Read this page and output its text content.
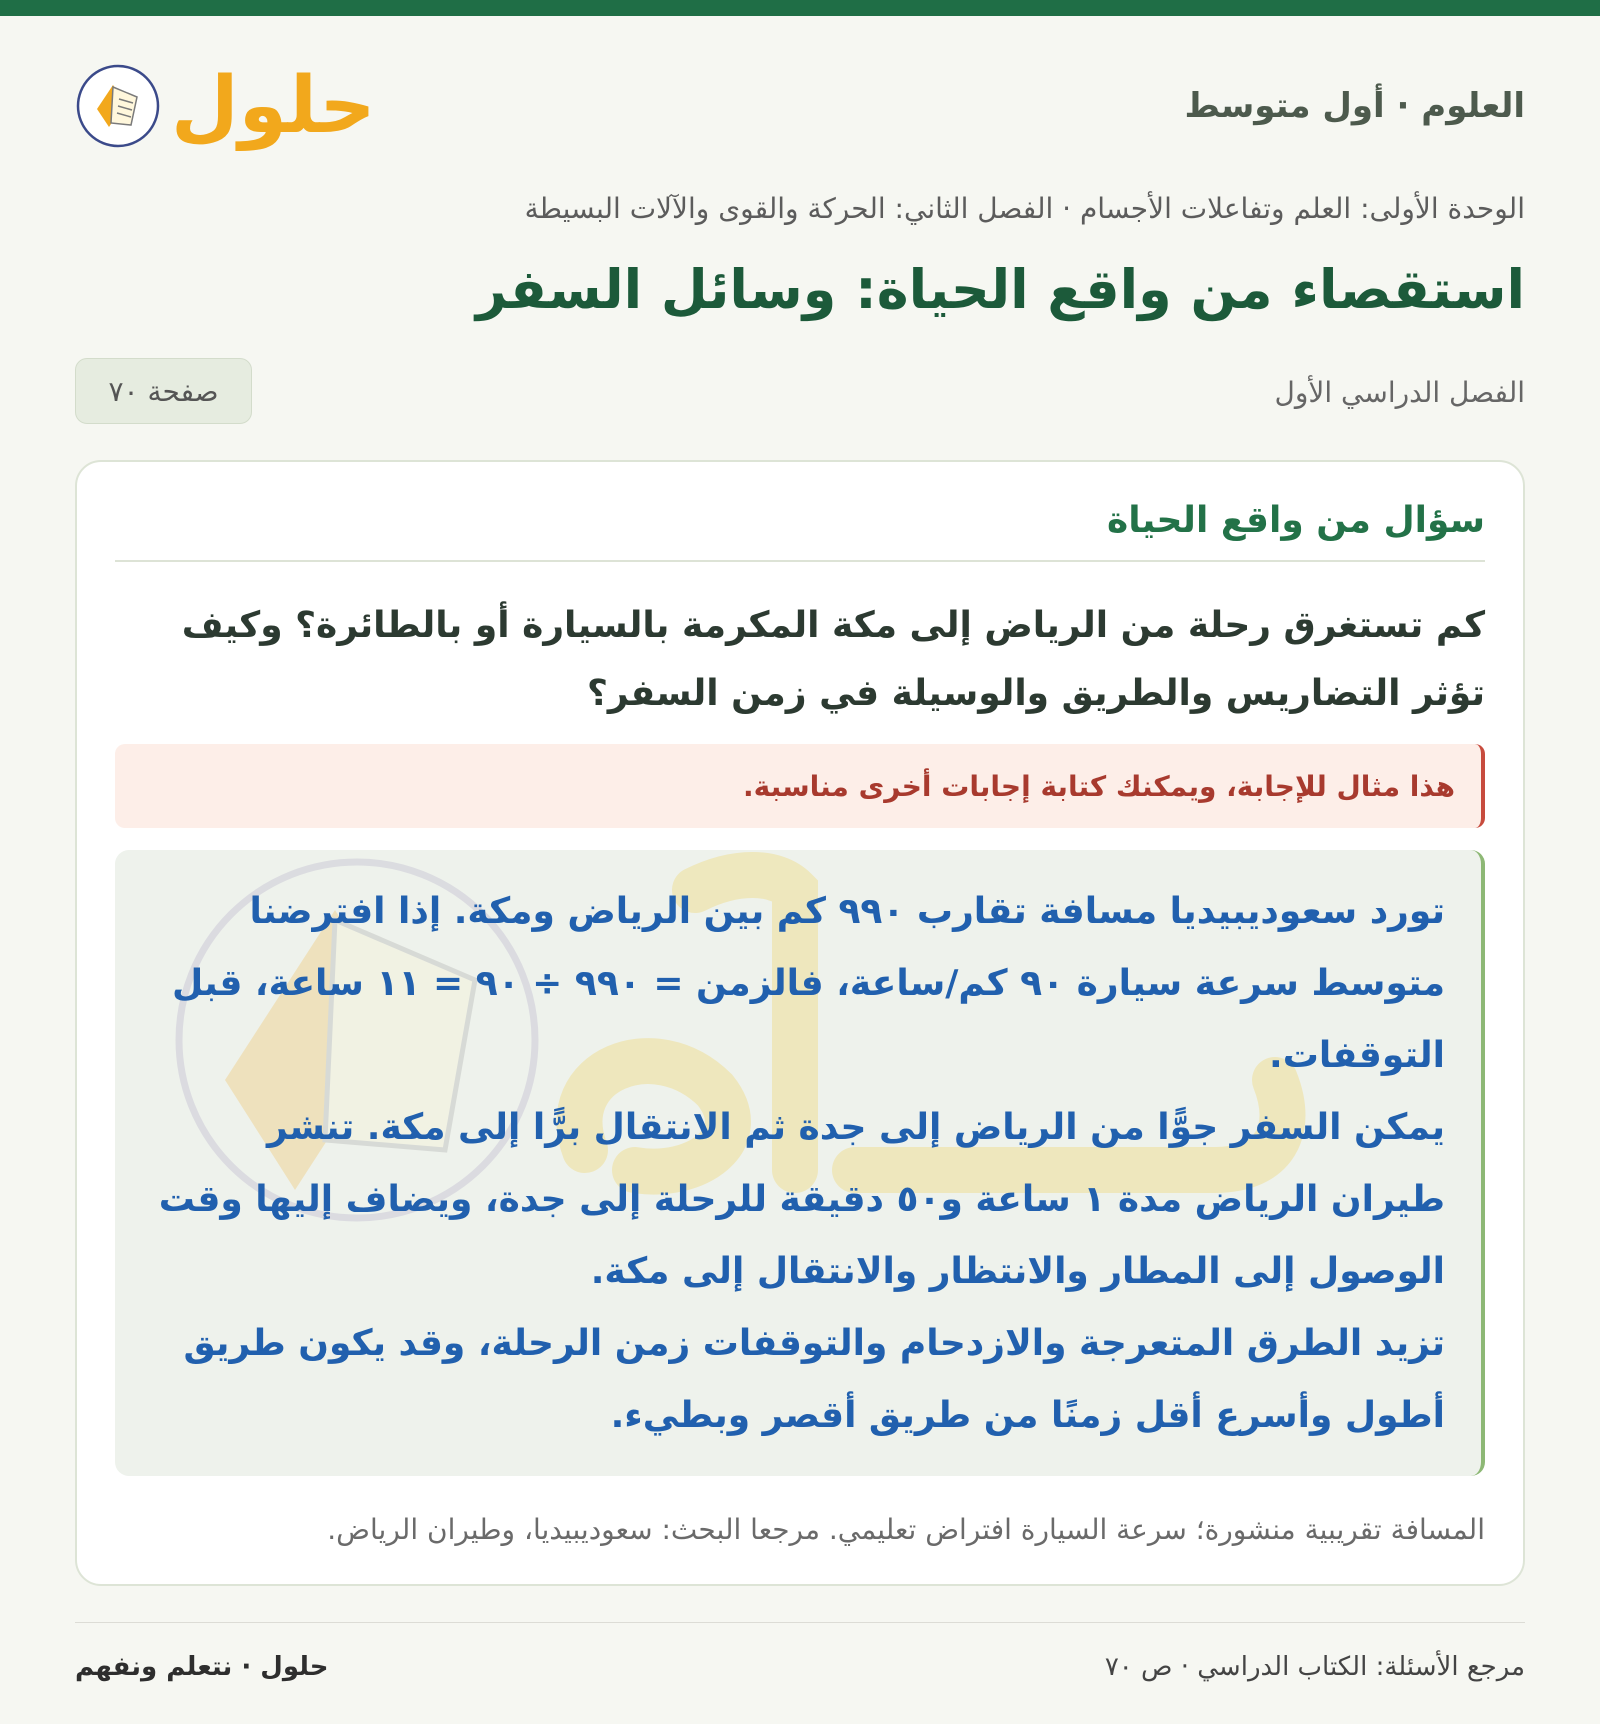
العلوم · أول متوسط
حلول
الوحدة الأولى: العلم وتفاعلات الأجسام · الفصل الثاني: الحركة والقوى والآلات البسيطة
استقصاء من واقع الحياة: وسائل السفر
الفصل الدراسي الأول
صفحة ٧٠
سؤال من واقع الحياة

كم تستغرق رحلة من الرياض إلى مكة المكرمة بالسيارة أو بالطائرة؟ وكيف تؤثر التضاريس والطريق والوسيلة في زمن السفر؟

هذا مثال للإجابة، ويمكنك كتابة إجابات أخرى مناسبة.

تورد سعوديبيديا مسافة تقارب ٩٩٠ كم بين الرياض ومكة. إذا افترضنا متوسط سرعة سيارة ٩٠ كم/ساعة، فالزمن = ٩٩٠ ÷ ٩٠ = ١١ ساعة، قبل التوقفات.

يمكن السفر جوًّا من الرياض إلى جدة ثم الانتقال برًّا إلى مكة. تنشر طيران الرياض مدة ١ ساعة و٥٠ دقيقة للرحلة إلى جدة، ويضاف إليها وقت الوصول إلى المطار والانتظار والانتقال إلى مكة.

تزيد الطرق المتعرجة والازدحام والتوقفات زمن الرحلة، وقد يكون طريق أطول وأسرع أقل زمنًا من طريق أقصر وبطيء.

المسافة تقريبية منشورة؛ سرعة السيارة افتراض تعليمي. مرجعا البحث: سعوديبيديا، وطيران الرياض.

مرجع الأسئلة: الكتاب الدراسي · ص ٧٠
حلول · نتعلم ونفهم
